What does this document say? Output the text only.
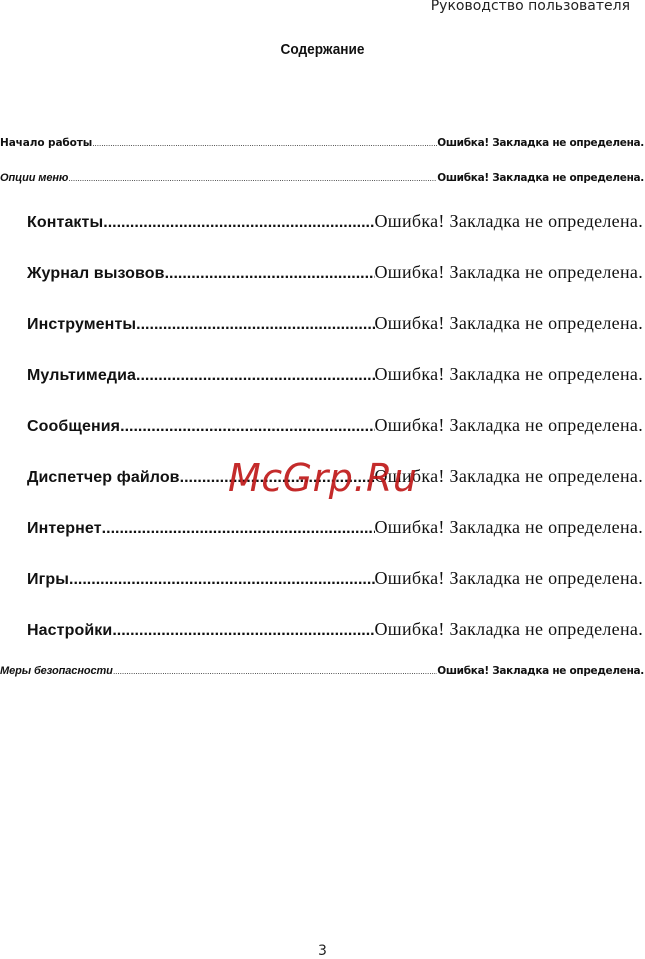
Руководство пользователя
Содержание
Начало работы .....	Ошибка! Закладка не определена.
Опции меню .....	Ошибка! Закладка не определена.
Контакты .....	Ошибка! Закладка не определена.
Журнал вызовов .....	Ошибка! Закладка не определена.
Инструменты .....	Ошибка! Закладка не определена.
Мультимедиа .....	Ошибка! Закладка не определена.
Сообщения .....	Ошибка! Закладка не определена.
Диспетчер файлов .....	Ошибка! Закладка не определена.
Интернет .....	Ошибка! Закладка не определена.
Игры .....	Ошибка! Закладка не определена.
Настройки .....	Ошибка! Закладка не определена.
Меры безопасности .....	Ошибка! Закладка не определена.
McGrp.Ru
3
